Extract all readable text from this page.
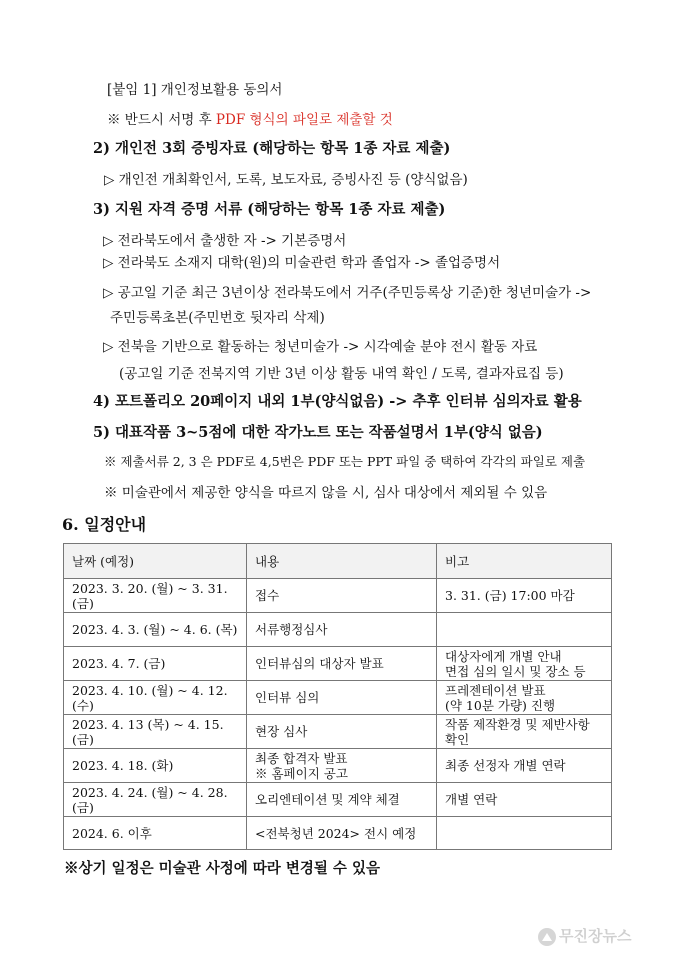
[붙임 1] 개인정보활용 동의서
※ 반드시 서명 후 PDF 형식의 파일로 제출할 것
2) 개인전 3회 증빙자료 (해당하는 항목 1종 자료 제출)
▷ 개인전 개최확인서, 도록, 보도자료, 증빙사진 등 (양식없음)
3) 지원 자격 증명 서류 (해당하는 항목 1종 자료 제출)
▷ 전라북도에서 출생한 자 -> 기본증명서
▷ 전라북도 소재지 대학(원)의 미술관련 학과 졸업자 -> 졸업증명서
▷ 공고일 기준 최근 3년이상 전라북도에서 거주(주민등록상 기준)한 청년미술가 ->
주민등록초본(주민번호 뒷자리 삭제)
▷ 전북을 기반으로 활동하는 청년미술가 -> 시각예술 분야 전시 활동 자료
(공고일 기준 전북지역 기반 3년 이상 활동 내역 확인 / 도록, 결과자료집 등)
4) 포트폴리오 20페이지 내외 1부(양식없음) -> 추후 인터뷰 심의자료 활용
5) 대표작품 3~5점에 대한 작가노트 또는 작품설명서 1부(양식 없음)
※ 제출서류 2, 3 은 PDF로 4,5번은 PDF 또는 PPT 파일 중 택하여 각각의 파일로 제출
※ 미술관에서 제공한 양식을 따르지 않을 시, 심사 대상에서 제외될 수 있음
6. 일정안내
날짜 (예정)	내용	비고
2023. 3. 20. (월) ~ 3. 31. (금)	접수	3. 31. (금) 17:00 마감

2023. 4. 3. (월) ~ 4. 6. (목)	서류행정심사	

2023. 4. 7. (금)	인터뷰심의 대상자 발표	대상자에게 개별 안내
면접 심의 일시 및 장소 등

2023. 4. 10. (월) ~ 4. 12. (수)	인터뷰 심의	프레젠테이션 발표
(약 10분 가량) 진행

2023. 4. 13 (목) ~ 4. 15. (금)	현장 심사	작품 제작환경 및 제반사항
확인

2023. 4. 18. (화)	최종 합격자 발표
※ 홈페이지 공고	최종 선정자 개별 연락

2023. 4. 24. (월) ~ 4. 28. (금)	오리엔테이션 및 계약 체결	개별 연락

2024. 6. 이후	<전북청년 2024> 전시 예정	

※상기 일정은 미술관 사정에 따라 변경될 수 있음
무진장뉴스
